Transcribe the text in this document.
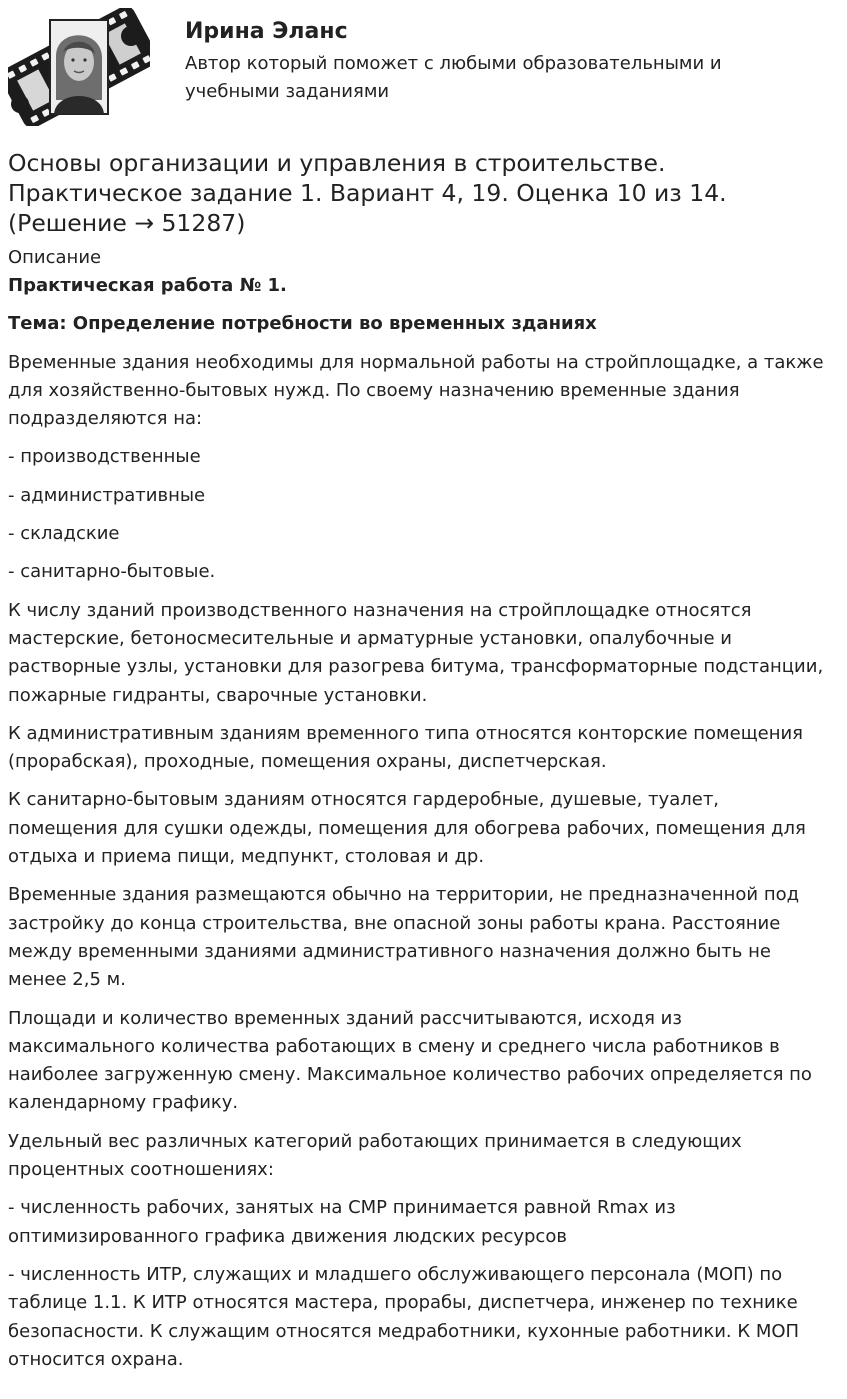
Ирина Эланс
Автор который поможет с любыми образовательными и учебными заданиями
Основы организации и управления в строительстве. Практическое задание 1. Вариант 4, 19. Оценка 10 из 14. (Решение → 51287)
Описание

Практическая работа № 1.

Тема: Определение потребности во временных зданиях

Временные здания необходимы для нормальной работы на стройплощадке, а также для хозяйственно-бытовых нужд. По своему назначению временные здания подразделяются на:

- производственные

- административные

- складские

- санитарно-бытовые.

К числу зданий производственного назначения на стройплощадке относятся мастерские, бетоносмесительные и арматурные установки, опалубочные и растворные узлы, установки для разогрева битума, трансформаторные подстанции, пожарные гидранты, сварочные установки.

К административным зданиям временного типа относятся конторские помещения (прорабская), проходные, помещения охраны, диспетчерская.

К санитарно-бытовым зданиям относятся гардеробные, душевые, туалет, помещения для сушки одежды, помещения для обогрева рабочих, помещения для отдыха и приема пищи, медпункт, столовая и др.

Временные здания размещаются обычно на территории, не предназначенной под застройку до конца строительства, вне опасной зоны работы крана. Расстояние между временными зданиями административного назначения должно быть не менее 2,5 м.

Площади и количество временных зданий рассчитываются, исходя из максимального количества работающих в смену и среднего числа работников в наиболее загруженную смену. Максимальное количество рабочих определяется по календарному графику.

Удельный вес различных категорий работающих принимается в следующих процентных соотношениях:

- численность рабочих, занятых на СМР принимается равной Rmax из оптимизированного графика движения людских ресурсов

- численность ИТР, служащих и младшего обслуживающего персонала (МОП) по таблице 1.1. К ИТР относятся мастера, прорабы, диспетчера, инженер по технике безопасности. К служащим относятся медработники, кухонные работники. К МОП относится охрана.
